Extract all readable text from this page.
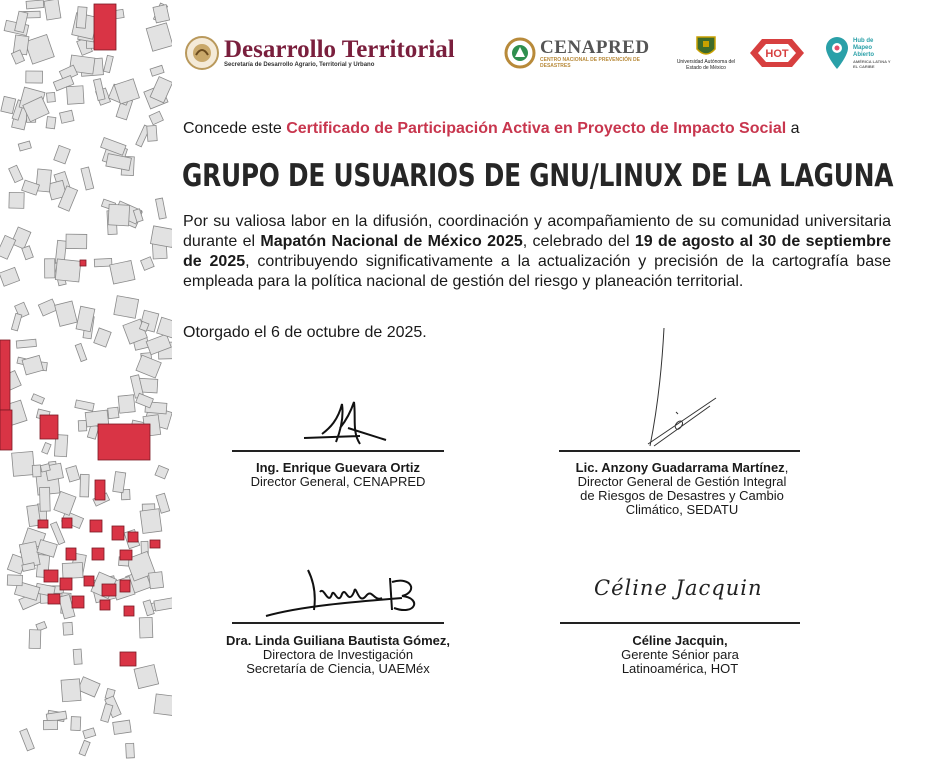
Desarrollo Territorial
Secretaría de Desarrollo Agrario, Territorial y Urbano
CENAPRED
CENTRO NACIONAL DE PREVENCIÓN DE DESASTRES
Universidad Autónoma del Estado de México
HOT
Hub de Mapeo Abierto
AMÉRICA LATINA Y EL CARIBE
Concede este Certificado de Participación Activa en Proyecto de Impacto Social a
GRUPO DE USUARIOS DE GNU/LINUX DE LA LAGUNA
Por su valiosa labor en la difusión, coordinación y acompañamiento de su comunidad universitaria durante el Mapatón Nacional de México 2025, celebrado del 19 de agosto al 30 de septiembre de 2025, contribuyendo significativamente a la actualización y precisión de la cartografía base empleada para la política nacional de gestión del riesgo y planeación territorial.
Otorgado el 6 de octubre de 2025.
Ing. Enrique Guevara Ortiz
Director General, CENAPRED
Lic. Anzony Guadarrama Martínez,
Director General de Gestión Integral
de Riesgos de Desastres y Cambio
Climático, SEDATU
Dra. Linda Guiliana Bautista Gómez,
Directora de Investigación
Secretaría de Ciencia, UAEMéx
Céline Jacquin
Céline Jacquin,
Gerente Sénior para
Latinoamérica, HOT
